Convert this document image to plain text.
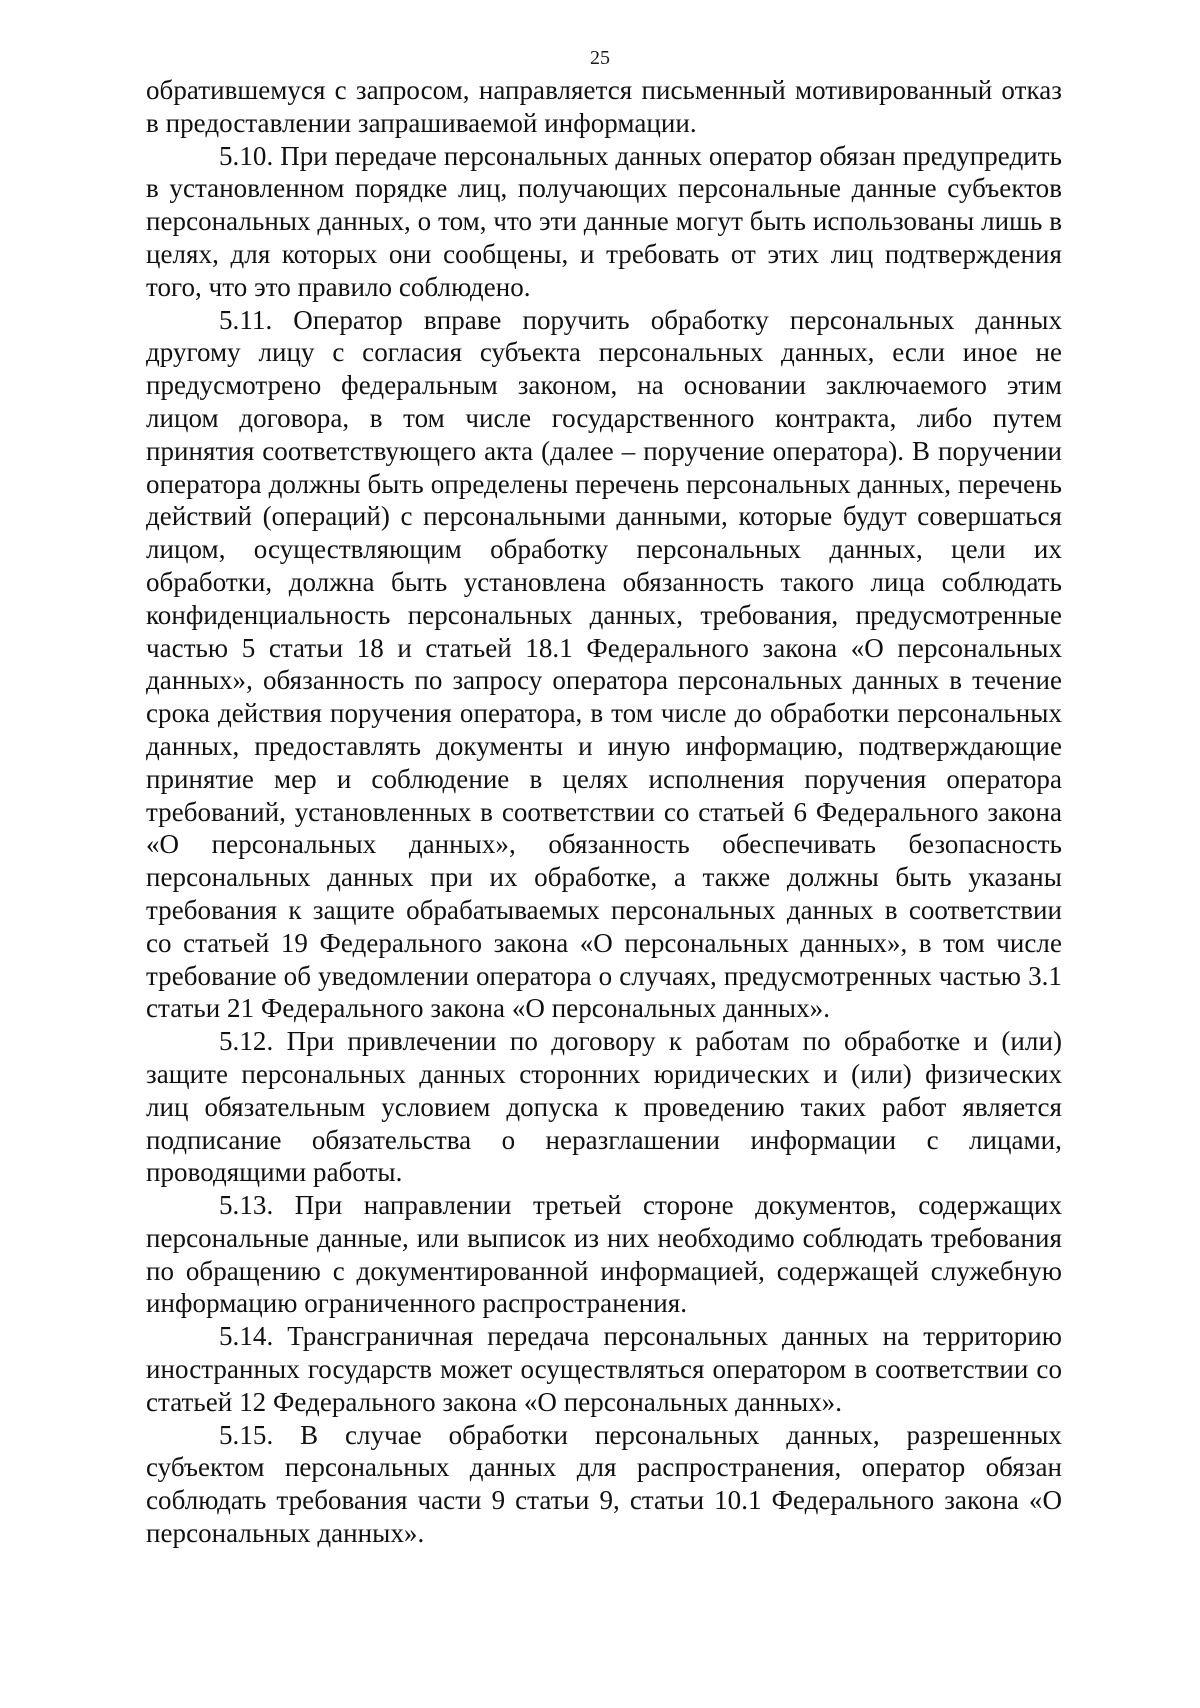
25

обратившемуся с запросом, направляется письменный мотивированный отказ в предоставлении запрашиваемой информации.

5.10. При передаче персональных данных оператор обязан предупредить в установленном порядке лиц, получающих персональные данные субъектов персональных данных, о том, что эти данные могут быть использованы лишь в целях, для которых они сообщены, и требовать от этих лиц подтверждения того, что это правило соблюдено.

5.11. Оператор вправе поручить обработку персональных данных другому лицу с согласия субъекта персональных данных, если иное не предусмотрено федеральным законом, на основании заключаемого этим лицом договора, в том числе государственного контракта, либо путем принятия соответствующего акта (далее – поручение оператора). В поручении оператора должны быть определены перечень персональных данных, перечень действий (операций) с персональными данными, которые будут совершаться лицом, осуществляющим обработку персональных данных, цели их обработки, должна быть установлена обязанность такого лица соблюдать конфиденциальность персональных данных, требования, предусмотренные частью 5 статьи 18 и статьей 18.1 Федерального закона «О персональных данных», обязанность по запросу оператора персональных данных в течение срока действия поручения оператора, в том числе до обработки персональных данных, предоставлять документы и иную информацию, подтверждающие принятие мер и соблюдение в целях исполнения поручения оператора требований, установленных в соответствии со статьей 6 Федерального закона «О персональных данных», обязанность обеспечивать безопасность персональных данных при их обработке, а также должны быть указаны требования к защите обрабатываемых персональных данных в соответствии со статьей 19 Федерального закона «О персональных данных», в том числе требование об уведомлении оператора о случаях, предусмотренных частью 3.1 статьи 21 Федерального закона «О персональных данных».

5.12. При привлечении по договору к работам по обработке и (или) защите персональных данных сторонних юридических и (или) физических лиц обязательным условием допуска к проведению таких работ является подписание обязательства о неразглашении информации с лицами, проводящими работы.

5.13. При направлении третьей стороне документов, содержащих персональные данные, или выписок из них необходимо соблюдать требования по обращению с документированной информацией, содержащей служебную информацию ограниченного распространения.

5.14. Трансграничная передача персональных данных на территорию иностранных государств может осуществляться оператором в соответствии со статьей 12 Федерального закона «О персональных данных».

5.15. В случае обработки персональных данных, разрешенных субъектом персональных данных для распространения, оператор обязан соблюдать требования части 9 статьи 9, статьи 10.1 Федерального закона «О персональных данных».
